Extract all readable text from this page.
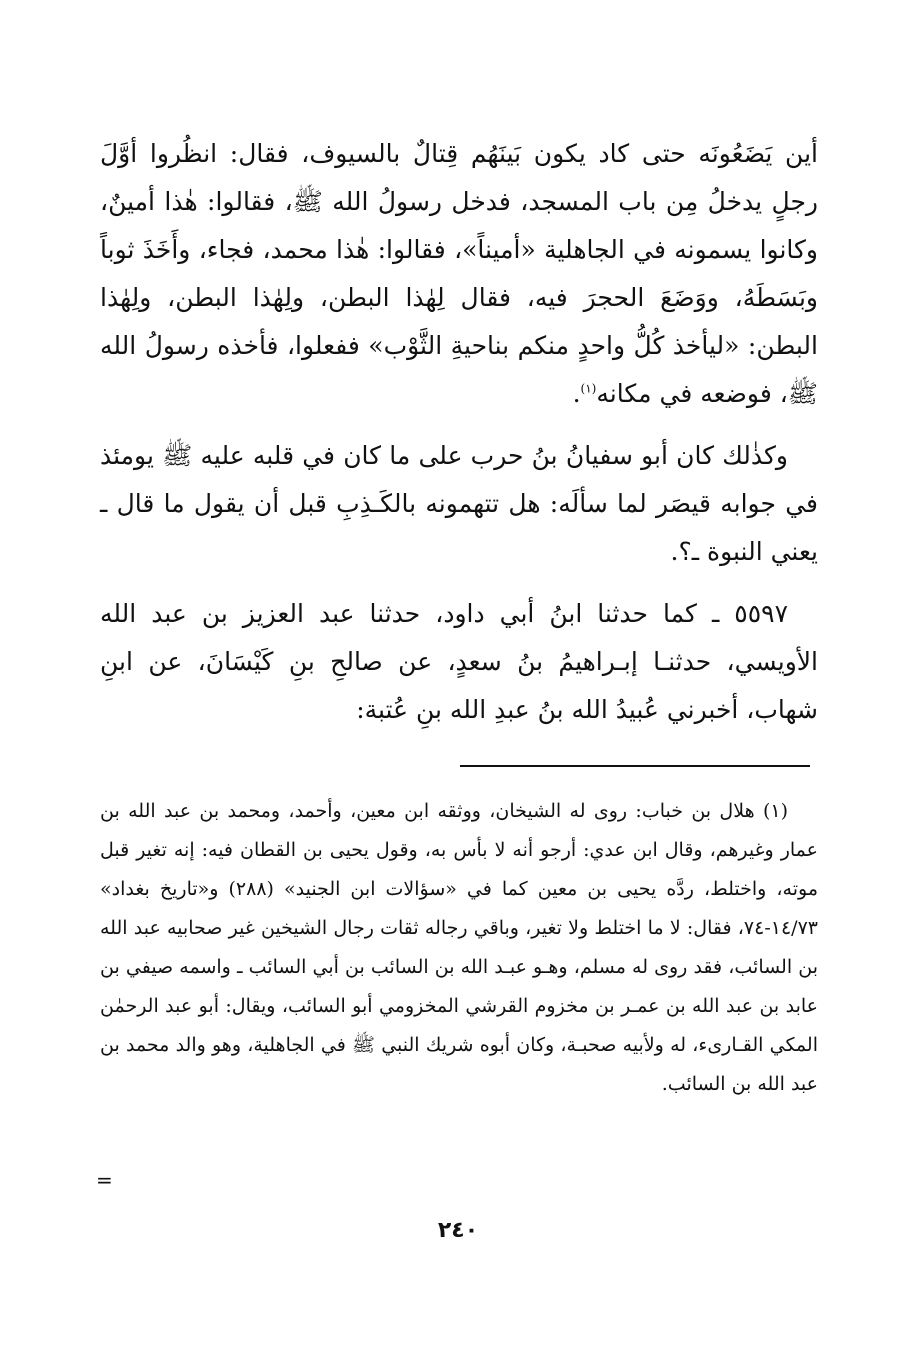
أين يَضَعُونَه حتى كاد يكون بَينَهُم قِتالٌ بالسيوف، فقال: انظُروا أوَّلَ رجلٍ يدخلُ مِن باب المسجد، فدخل رسولُ الله ﷺ، فقالوا: هٰذا أمينٌ، وكانوا يسمونه في الجاهلية «أميناً»، فقالوا: هٰذا محمد، فجاء، وأَخَذَ ثوباً وبَسَطَهُ، ووَضَعَ الحجرَ فيه، فقال لِهٰذا البطن، ولِهٰذا البطن، ولِهٰذا البطن: «ليأخذ كُلُّ واحدٍ منكم بناحيةِ الثَّوْب» ففعلوا، فأخذه رسولُ الله ﷺ، فوضعه في مكانه$^{(١)}$.

وكذٰلك كان أبو سفيانُ بنُ حرب على ما كان في قلبه عليه ﷺ يومئذ في جوابه قيصَر لما سألَه: هل تتهمونه بالكَـذِبِ قبل أن يقول ما قال ـ يعني النبوة ـ؟.

٥٥٩٧ ـ كما حدثنا ابنُ أبي داود، حدثنا عبد العزيز بن عبد الله الأويسي، حدثنـا إبـراهيمُ بنُ سعدٍ، عن صالحِ بنِ كَيْسَانَ، عن ابنِ شهاب، أخبرني عُبيدُ الله بنُ عبدِ الله بنِ عُتبة:

(١) هلال بن خباب: روى له الشيخان، ووثقه ابن معين، وأحمد، ومحمد بن عبد الله بن عمار وغيرهم، وقال ابن عدي: أرجو أنه لا بأس به، وقول يحيى بن القطان فيه: إنه تغير قبل موته، واختلط، ردَّه يحيى بن معين كما في «سؤالات ابن الجنيد» (٢٨٨) و«تاريخ بغداد» ١٤/٧٣-٧٤، فقال: لا ما اختلط ولا تغير، وباقي رجاله ثقات رجال الشيخين غير صحابيه عبد الله بن السائب، فقد روى له مسلم، وهـو عبـد الله بن السائب بن أبي السائب ـ واسمه صيفي بن عابد بن عبد الله بن عمـر بن مخزوم القرشي المخزومي أبو السائب، ويقال: أبو عبد الرحمٰن المكي القـارىء، له ولأبيه صحبـة، وكان أبوه شريك النبي ﷺ في الجاهلية، وهو والد محمد بن عبد الله بن السائب.

=
٢٤٠
